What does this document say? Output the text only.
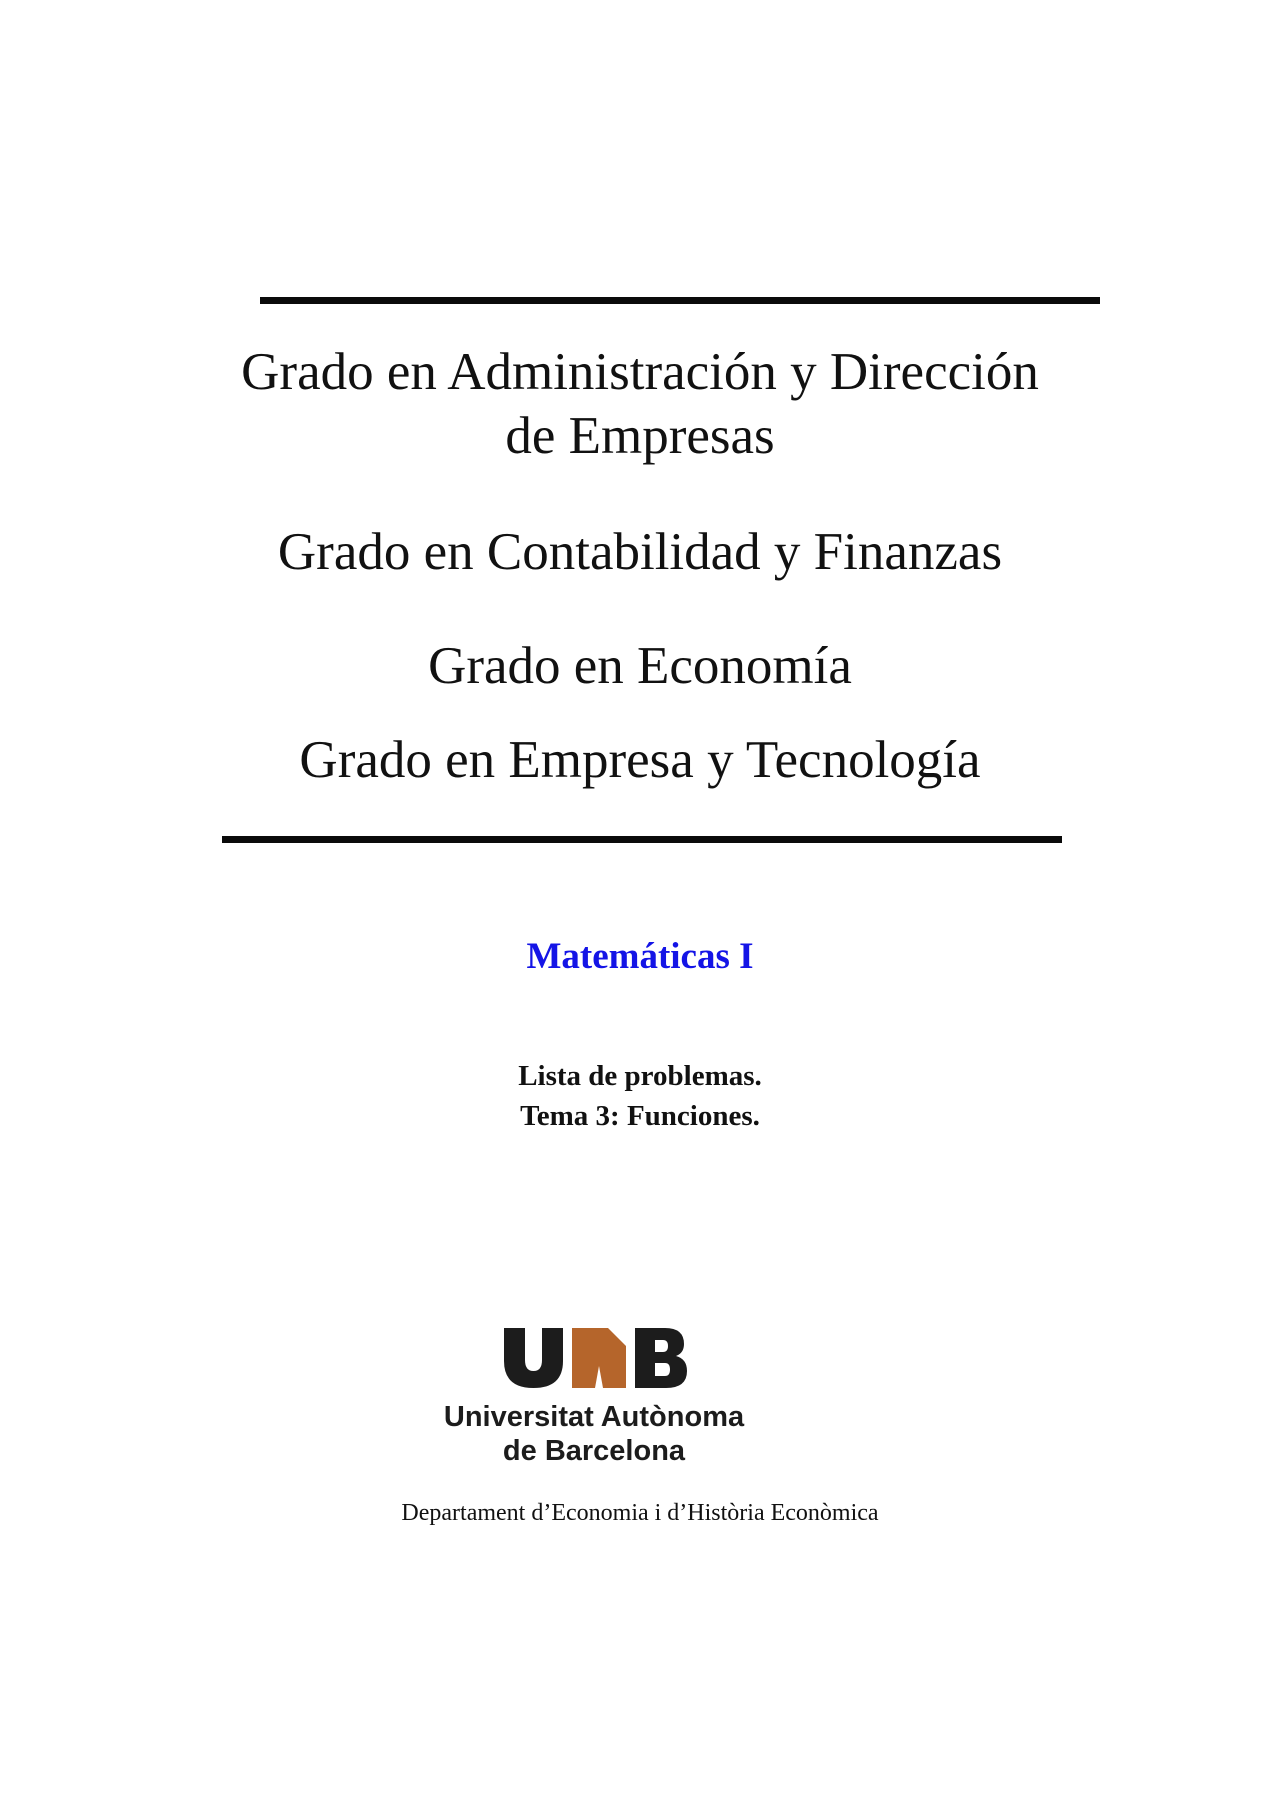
Grado en Administración y Dirección
de Empresas
Grado en Contabilidad y Finanzas
Grado en Economía
Grado en Empresa y Tecnología
Matemáticas I
Lista de problemas.
Tema 3: Funciones.
Universitat Autònoma
de Barcelona
Departament d’Economia i d’Història Econòmica
